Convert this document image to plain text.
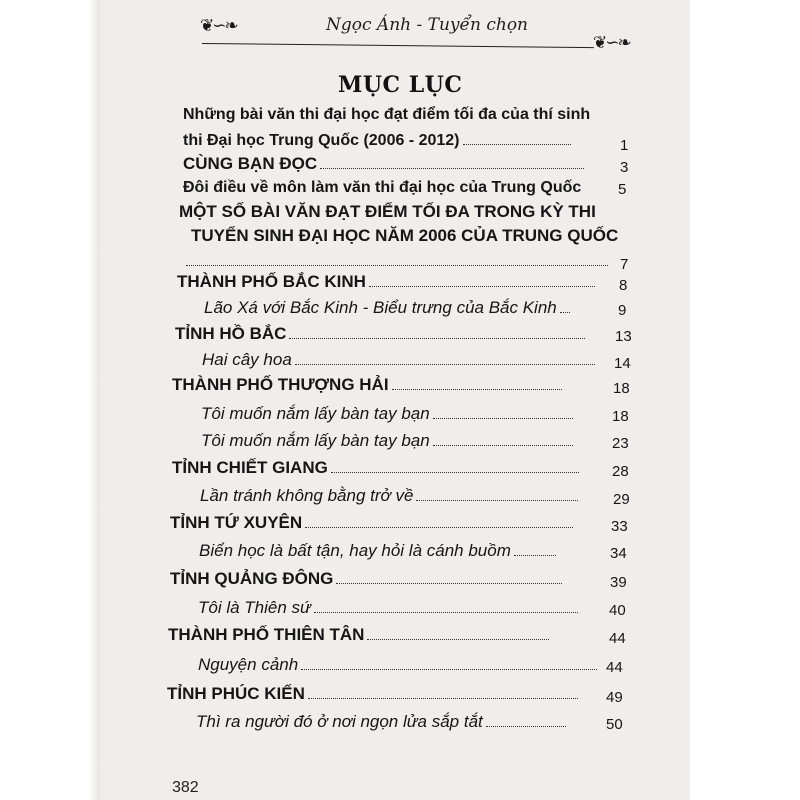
❦∽❧	Ngọc Ánh - Tuyển chọn
❦∽❧
MỤC LỤC
Những bài văn thi đại học đạt điểm tối đa của thí sinh
thi Đại học Trung Quốc (2006 - 2012)	1
CÙNG BẠN ĐỌC	3
Đôi điều về môn làm văn thi đại học của Trung Quốc 5
MỘT SỐ BÀI VĂN ĐẠT ĐIỂM TỐI ĐA TRONG KỲ THI
TUYỂN SINH ĐẠI HỌC NĂM 2006 CỦA TRUNG QUỐC
7
THÀNH PHỐ BẮC KINH	8
Lão Xá với Bắc Kinh - Biểu trưng của Bắc Kinh	9
TỈNH HỒ BẮC	13
Hai cây hoa	14
THÀNH PHỐ THƯỢNG HẢI	18
Tôi muốn nắm lấy bàn tay bạn	18
Tôi muốn nắm lấy bàn tay bạn	23
TỈNH CHIẾT GIANG	28
Lần tránh không bằng trở về	29
TỈNH TỨ XUYÊN	33
Biển học là bất tận, hay hỏi là cánh buồm	34
TỈNH QUẢNG ĐÔNG	39
Tôi là Thiên sứ	40
THÀNH PHỐ THIÊN TÂN	44
Nguyện cảnh	44
TỈNH PHÚC KIẾN	49
Thì ra người đó ở nơi ngọn lửa sắp tắt	50
382
